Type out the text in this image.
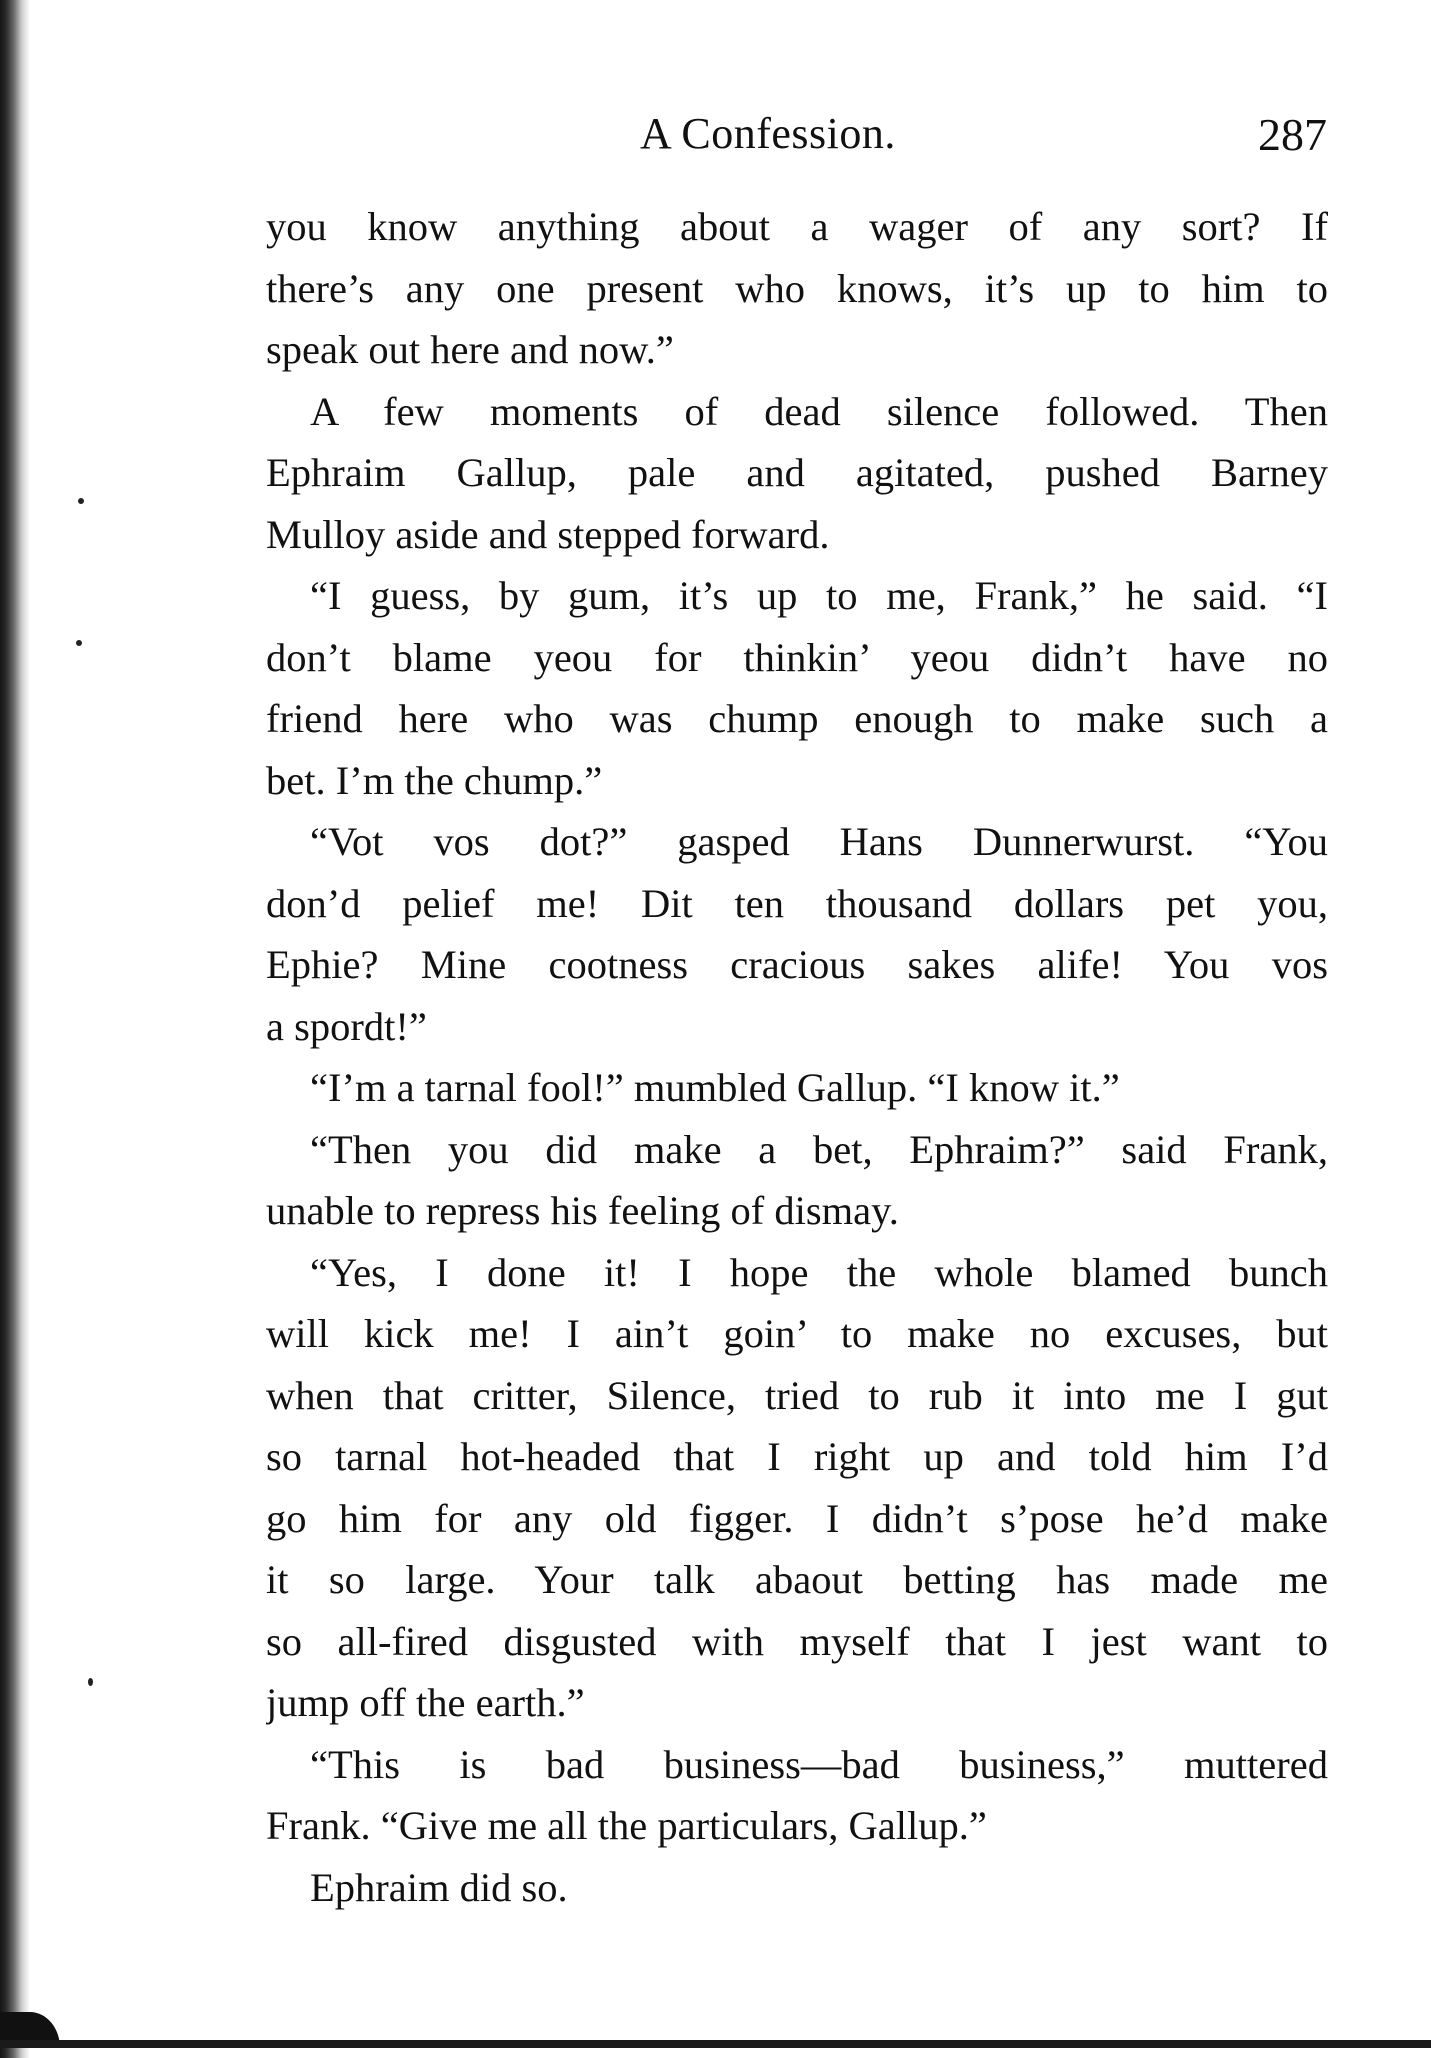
A Confession.	287
you know anything about a wager of any sort? If
there’s any one present who knows, it’s up to him to
speak out here and now.”
A few moments of dead silence followed. Then
Ephraim Gallup, pale and agitated, pushed Barney
Mulloy aside and stepped forward.
“I guess, by gum, it’s up to me, Frank,” he said. “I
don’t blame yeou for thinkin’ yeou didn’t have no
friend here who was chump enough to make such a
bet. I’m the chump.”
“Vot vos dot?” gasped Hans Dunnerwurst. “You
don’d pelief me! Dit ten thousand dollars pet you,
Ephie? Mine cootness cracious sakes alife! You vos
a spordt!”
“I’m a tarnal fool!” mumbled Gallup. “I know it.”
“Then you did make a bet, Ephraim?” said Frank,
unable to repress his feeling of dismay.
“Yes, I done it! I hope the whole blamed bunch
will kick me! I ain’t goin’ to make no excuses, but
when that critter, Silence, tried to rub it into me I gut
so tarnal hot-headed that I right up and told him I’d
go him for any old figger. I didn’t s’pose he’d make
it so large. Your talk abaout betting has made me
so all-fired disgusted with myself that I jest want to
jump off the earth.”
“This is bad business—bad business,” muttered
Frank. “Give me all the particulars, Gallup.”
Ephraim did so.
